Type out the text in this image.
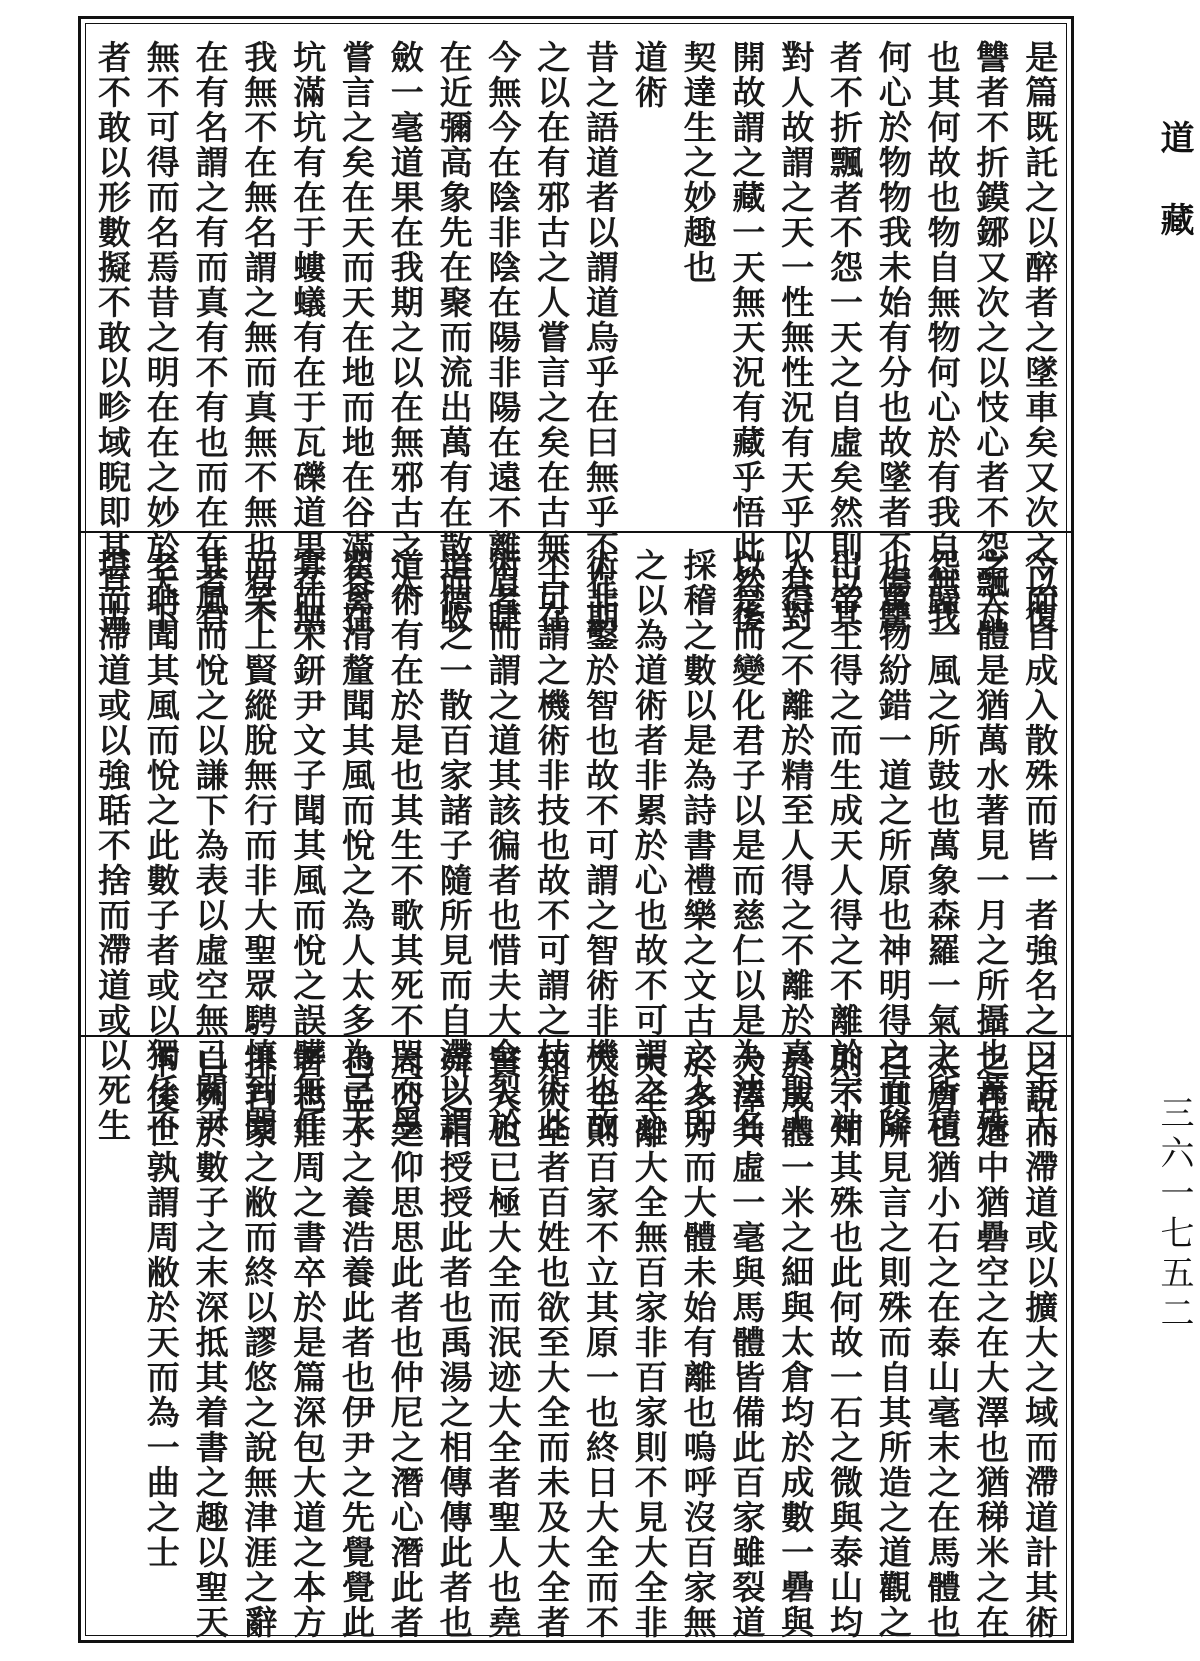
是篇既託之以醉者之墜車矣又次之以復
讐者不折鏌鋣又次之以忮心者不怨飄瓦
也其何故也物自無物何心於有我自無我
何心於物物我未始有分也故墜者不傷讐
者不折飄者不怨一天之自虛矣然則以其
對人故謂之天一性無性況有天乎以其對
開故謂之藏一天無天況有藏乎悟此然後
契達生之妙趣也
道術
昔之語道者以謂道烏乎在曰無乎不在期
之以在有邪古之人嘗言之矣在古無古在
今無今在陰非陰在陽非陽在遠不離眉睫
在近彌高象先在聚而流出萬有在散而收
斂一毫道果在我期之以在無邪古之人
嘗言之矣在天而天在地而地在谷滿谷在
坑滿坑有在于螻蟻有在于瓦礫道果在無
我無不在無名謂之無而真無不無也有不
在有名謂之有而真有不有也而在在者有
無不可得而名焉昔之明在在之妙於天下
者不敢以形數擬不敢以畛域睨即其亘古
今而自成入散殊而皆一者強名之曰古人
之大體是猶萬水著見一月之所攝也萬殊
怨歸一風之所鼓也萬象森羅一氣之所積
也萬物紛錯一道之所原也神明得之而降
出帝王得之而生成天人得之不離於宗神
人得之不離於精至人得之不離於真聖人
以是而變化君子以是而慈仁以是為法名
採稽之數以是為詩書禮樂之文古之人即
之以為道術者非累於心也故不可謂之心
術非鑿於智也故不可謂之智術非機也故
不可謂之機術非技也故不可謂之技術此
術者而謂之道其該徧者也惜夫大全裂於
道德之一散百家諸子隨所見而自滯以謂
道術有在於是也其生不歌其死不哭而墨
翟禽滑釐聞其風而悅之為人太多為己太
寡而宋鈃尹文子聞其風而悅之誤髒無任
而笑上賢縱脫無行而非大聖眾騁慎到聞
其風而悅之以謙下為表以虛空無己關尹
老聃聞其風而悅之此數子者或以獨任不
堪而滯道或以強聒不捨而滯道或以死生
之說而滯道或以擴大之域而滯道計其術
之在道中猶礨空之在大澤也猶稊米之在
太倉也猶小石之在泰山毫末之在馬體也
目其所見言之則殊而自其所造之道觀之
則不知其殊也此何故一石之微與泰山均
於成體一米之細與太倉均於成數一礨與
大澤共虛一毫與馬體皆備此百家雖裂道
於多方而大體未始有離也嗚呼沒百家無
大全離大全無百家非百家則不見大全非
大全則百家不立其原一也終日大全而不
知大全者百姓也欲至大全而未及大全者
賢人也已極大全而泯迹大全者聖人也堯
舜之相授授此者也禹湯之相傳傳此者也
周公之仰思思此者也仲尼之潛心潛此者
也孟子之養浩養此者也伊尹之先覺覺此
者也莊周之書卒於是篇深包大道之本方
排百家之敝而終以謬悠之說無津涯之辭
自列於數子之末深抵其着書之趣以聖天
下後世孰謂周敝於天而為一曲之士
道藏
三六一七五二
